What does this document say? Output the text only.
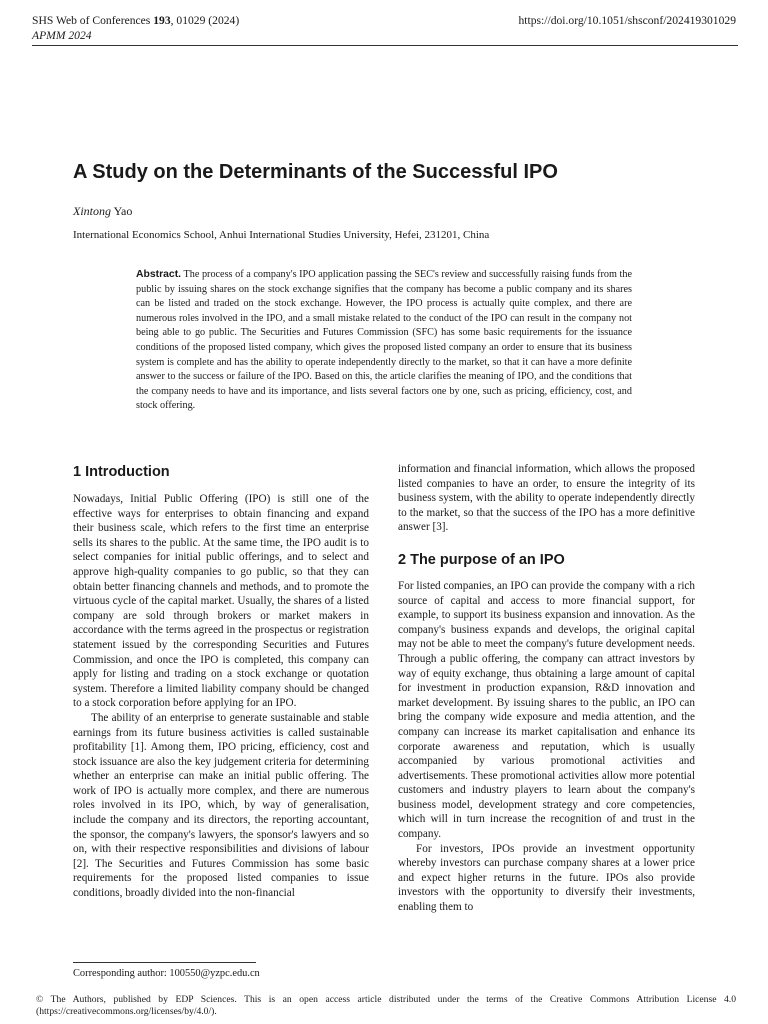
SHS Web of Conferences 193, 01029 (2024)	https://doi.org/10.1051/shsconf/202419301029
APMM 2024
A Study on the Determinants of the Successful IPO
Xintong Yao
International Economics School, Anhui International Studies University, Hefei, 231201, China

Abstract. The process of a company's IPO application passing the SEC's review and successfully raising funds from the public by issuing shares on the stock exchange signifies that the company has become a public company and its shares can be listed and traded on the stock exchange. However, the IPO process is actually quite complex, and there are numerous roles involved in the IPO, and a small mistake related to the conduct of the IPO can result in the company not being able to go public. The Securities and Futures Commission (SFC) has some basic requirements for the issuance conditions of the proposed listed company, which gives the proposed listed company an order to ensure that its business system is complete and has the ability to operate independently directly to the market, so that it can have a more definite answer to the success or failure of the IPO. Based on this, the article clarifies the meaning of IPO, and the conditions that the company needs to have and its importance, and lists several factors one by one, such as pricing, efficiency, cost, and stock offering.

1 Introduction

Nowadays, Initial Public Offering (IPO) is still one of the effective ways for enterprises to obtain financing and expand their business scale, which refers to the first time an enterprise sells its shares to the public. At the same time, the IPO audit is to select companies for initial public offerings, and to select and approve high-quality companies to go public, so that they can obtain better financing channels and methods, and to promote the virtuous cycle of the capital market. Usually, the shares of a listed company are sold through brokers or market makers in accordance with the terms agreed in the prospectus or registration statement issued by the corresponding Securities and Futures Commission, and once the IPO is completed, this company can apply for listing and trading on a stock exchange or quotation system. Therefore a limited liability company should be changed to a stock corporation before applying for an IPO.

The ability of an enterprise to generate sustainable and stable earnings from its future business activities is called sustainable profitability [1]. Among them, IPO pricing, efficiency, cost and stock issuance are also the key judgement criteria for determining whether an enterprise can make an initial public offering. The work of IPO is actually more complex, and there are numerous roles involved in its IPO, which, by way of generalisation, include the company and its directors, the reporting accountant, the sponsor, the company's lawyers, the sponsor's lawyers and so on, with their respective responsibilities and divisions of labour [2]. The Securities and Futures Commission has some basic requirements for the proposed listed companies to issue conditions, broadly divided into the non-financial

information and financial information, which allows the proposed listed companies to have an order, to ensure the integrity of its business system, with the ability to operate independently directly to the market, so that the success of the IPO has a more definitive answer [3].

2 The purpose of an IPO

For listed companies, an IPO can provide the company with a rich source of capital and access to more financial support, for example, to support its business expansion and innovation. As the company's business expands and develops, the original capital may not be able to meet the company's future development needs. Through a public offering, the company can attract investors by way of equity exchange, thus obtaining a large amount of capital for investment in production expansion, R&D innovation and market development. By issuing shares to the public, an IPO can bring the company wide exposure and media attention, and the company can increase its market capitalisation and enhance its corporate awareness and reputation, which is usually accompanied by various promotional activities and advertisements. These promotional activities allow more potential customers and industry players to learn about the company's business model, development strategy and core competencies, which will in turn increase the recognition of and trust in the company.

For investors, IPOs provide an investment opportunity whereby investors can purchase company shares at a lower price and expect higher returns in the future. IPOs also provide investors with the opportunity to diversify their investments, enabling them to

Corresponding author: 100550@yzpc.edu.cn

© The Authors, published by EDP Sciences. This is an open access article distributed under the terms of the Creative Commons Attribution License 4.0 (https://creativecommons.org/licenses/by/4.0/).
